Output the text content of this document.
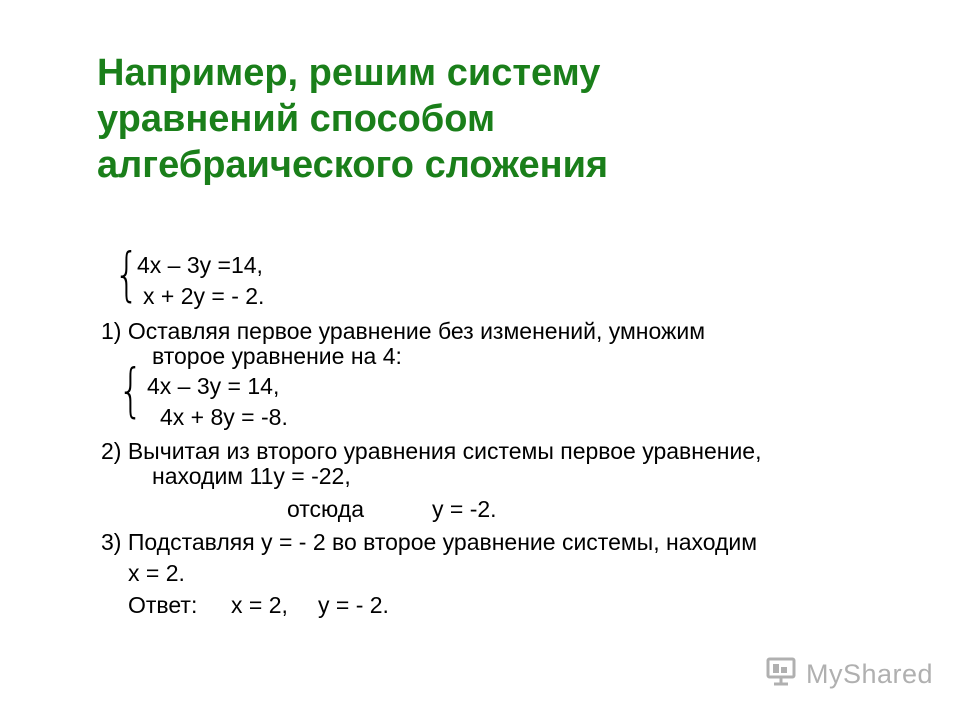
Например, решим систему
уравнений способом
алгебраического сложения
{
4x – 3y =14,
x + 2y = - 2.
1) Оставляя первое уравнение без изменений, умножим
второе уравнение на 4:
{ 4x – 3y = 14,
4x + 8y = -8.
2) Вычитая из второго уравнения системы первое уравнение,
находим 11y = -22,
отсюда	y = -2.
3) Подставляя y = - 2 во второе уравнение системы, находим
x = 2.
Ответ: x = 2, y = - 2.
MyShared
